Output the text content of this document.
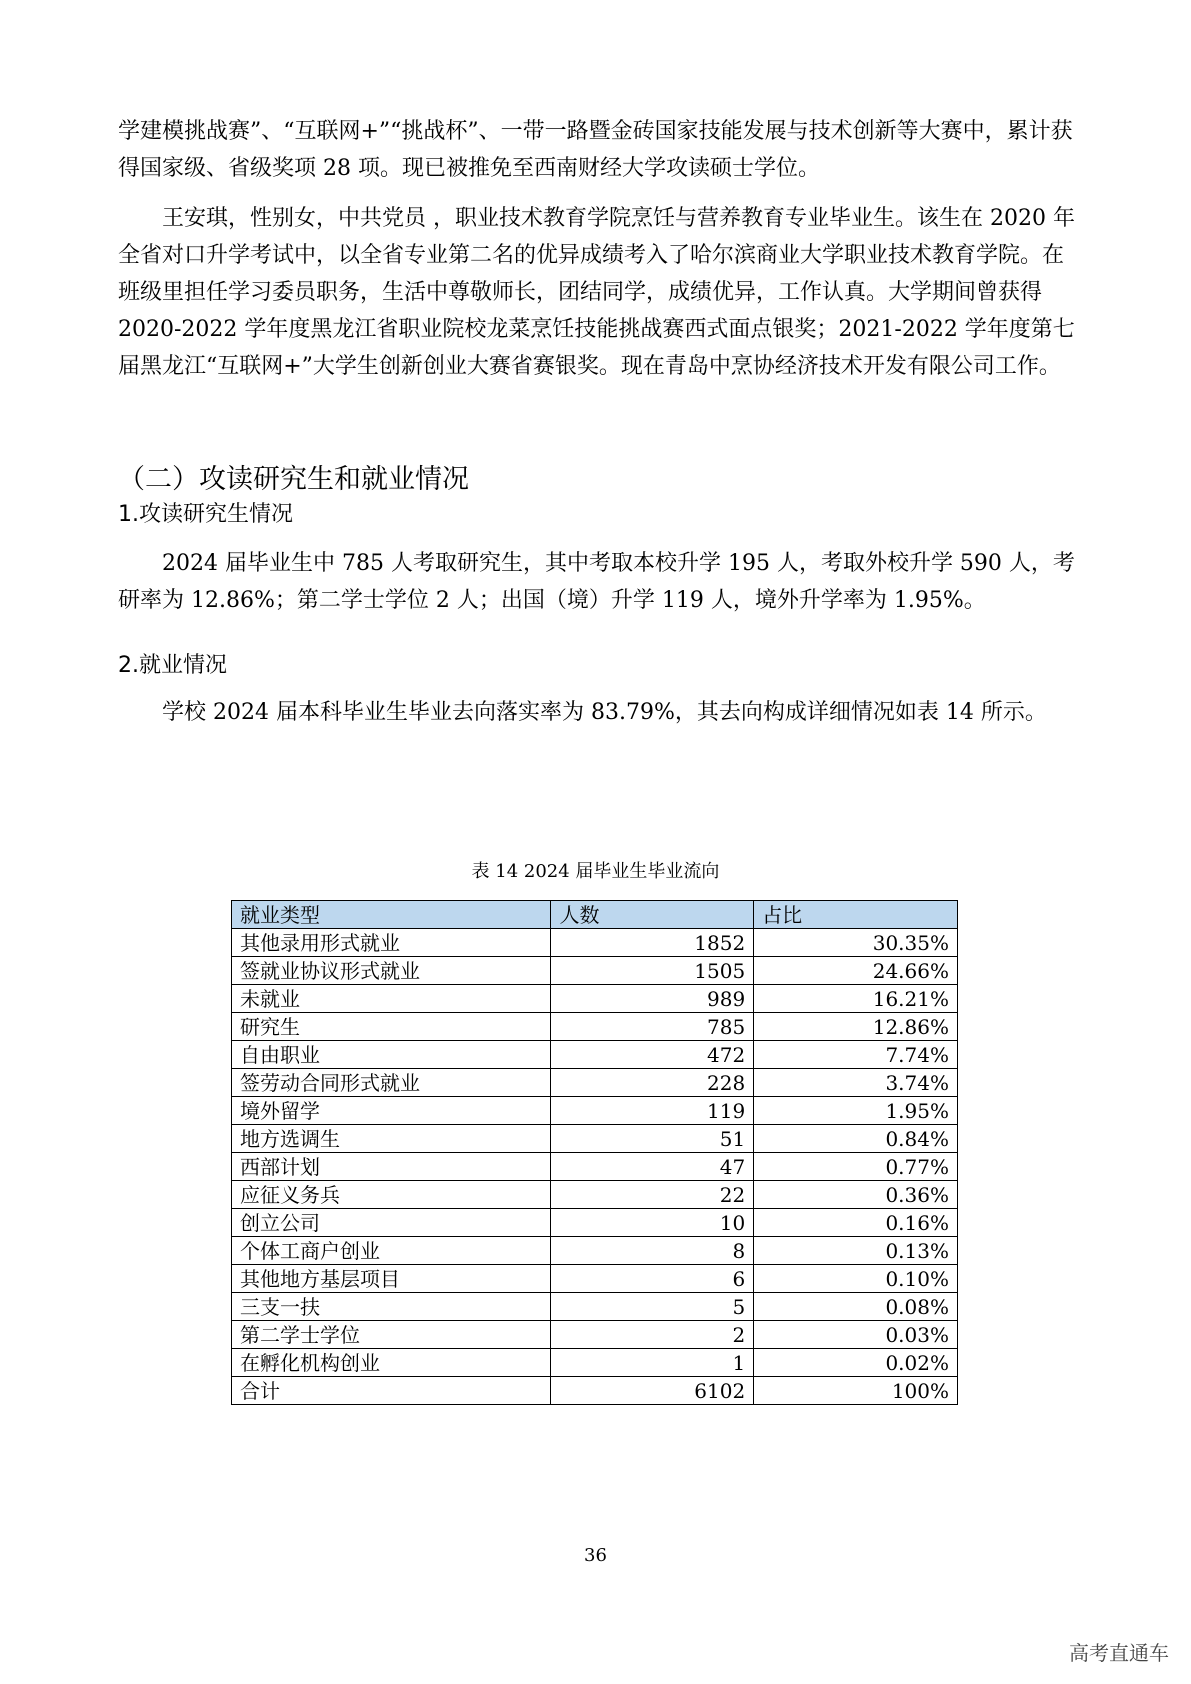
学建模挑战赛”、“互联网+”“挑战杯”、一带一路暨金砖国家技能发展与技术创新等大赛中，累计获得国家级、省级奖项 28 项。现已被推免至西南财经大学攻读硕士学位。
王安琪，性别女，中共党员 ，职业技术教育学院烹饪与营养教育专业毕业生。该生在 2020 年全省对口升学考试中，以全省专业第二名的优异成绩考入了哈尔滨商业大学职业技术教育学院。在班级里担任学习委员职务，生活中尊敬师长，团结同学，成绩优异，工作认真。大学期间曾获得 2020-2022 学年度黑龙江省职业院校龙菜烹饪技能挑战赛西式面点银奖；2021-2022 学年度第七届黑龙江“互联网+”大学生创新创业大赛省赛银奖。现在青岛中烹协经济技术开发有限公司工作。
（二）攻读研究生和就业情况
1.攻读研究生情况
2024 届毕业生中 785 人考取研究生，其中考取本校升学 195 人，考取外校升学 590 人，考研率为 12.86%；第二学士学位 2 人；出国（境）升学 119 人，境外升学率为 1.95%。
2.就业情况
学校 2024 届本科毕业生毕业去向落实率为 83.79%，其去向构成详细情况如表 14 所示。
表 14 2024 届毕业生毕业流向
就业类型	人数	占比
其他录用形式就业	1852	30.35%
签就业协议形式就业	1505	24.66%
未就业	989	16.21%
研究生	785	12.86%
自由职业	472	7.74%
签劳动合同形式就业	228	3.74%
境外留学	119	1.95%
地方选调生	51	0.84%
西部计划	47	0.77%
应征义务兵	22	0.36%
创立公司	10	0.16%
个体工商户创业	8	0.13%
其他地方基层项目	6	0.10%
三支一扶	5	0.08%
第二学士学位	2	0.03%
在孵化机构创业	1	0.02%
合计	6102	100%
36
高考直通车
